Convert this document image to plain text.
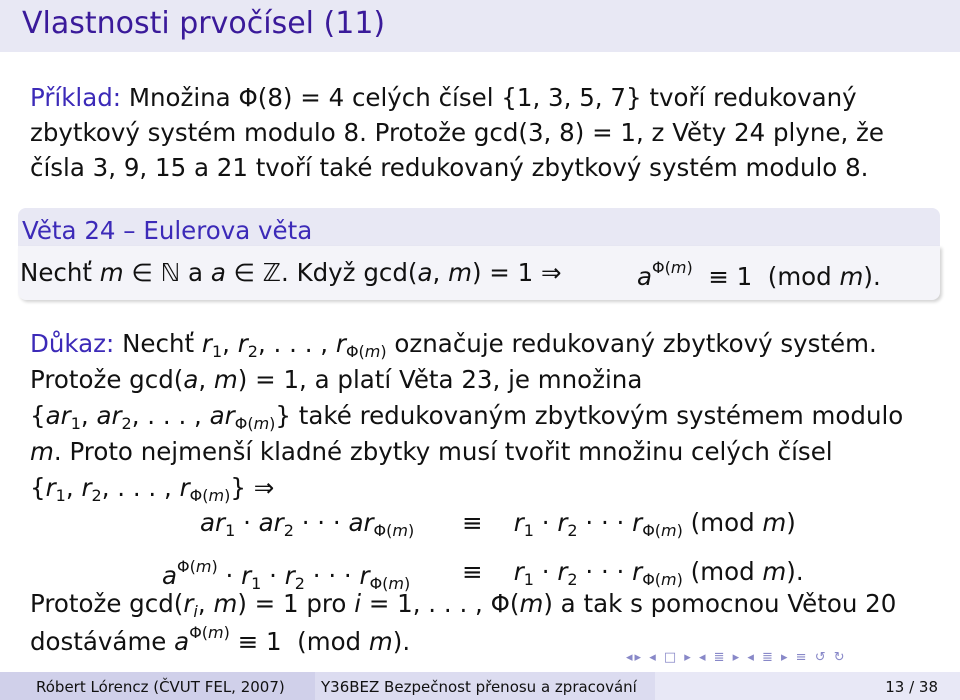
Vlastnosti prvočísel (11)
Příklad: Množina Φ(8) = 4 celých čísel {1, 3, 5, 7} tvoří redukovaný
zbytkový systém modulo 8. Protože gcd(3, 8) = 1, z Věty 24 plyne, že
čísla 3, 9, 15 a 21 tvoří také redukovaný zbytkový systém modulo 8.
Věta 24 – Eulerova věta
Nechť m ∈ ℕ a a ∈ ℤ. Když gcd(a, m) = 1 ⇒	$a^{\Phi(m)} \equiv 1$  (mod m).
Důkaz: Nechť $r_1$, $r_2$, . . . , $r_{\Phi(m)}$ označuje redukovaný zbytkový systém.
Protože gcd(a, m) = 1, a platí Věta 23, je množina
{$ar_1$, $ar_2$, . . . , $ar_{\Phi(m)}$} také redukovaným zbytkovým systémem modulo
m. Proto nejmenší kladné zbytky musí tvořit množinu celých čísel
{$r_1$, $r_2$, . . . , $r_{\Phi(m)}$} ⇒
$ar_1 \cdot ar_2$ · · · $ar_{\Phi(m)}$ ≡    $r_1 \cdot r_2$ · · · $r_{\Phi(m)}$ (mod m)
$a^{\Phi(m)} \cdot r_1 \cdot r_2$ · · · $r_{\Phi(m)}$ ≡    $r_1 \cdot r_2$ · · · $r_{\Phi(m)}$ (mod m).
Protože $\gcd(r_i$, m) = 1 pro i = 1, . . . , Φ(m) a tak s pomocnou Větou 20
dostáváme $a^{\Phi(m)} \equiv 1$  (mod m).
◂▸ ◂ □ ▸ ◂ ≣ ▸ ◂ ≣ ▸ ≡ ↺ ↻
Róbert Lórencz (ČVUT FEL, 2007) Y36BEZ Bezpečnost přenosu a zpracování	13 / 38
